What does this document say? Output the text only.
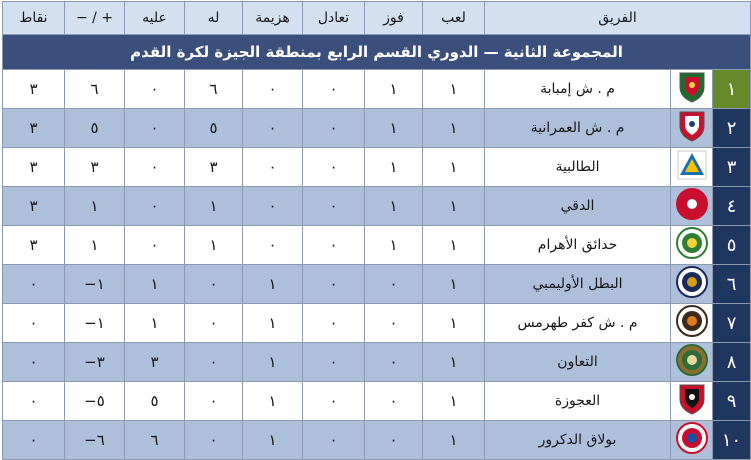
الفريق			لعب	فوز	تعادل	هزيمة	له	عليه	+ / −	نقاط
المجموعة الثانية — الدوري القسم الرابع بمنطقة الجيزة لكرة القدم										
١		م . ش إمبابة	١	١	٠	٠	٦	٠	٦	٣
٢		م . ش العمرانية	١	١	٠	٠	٥	٠	٥	٣
٣		الطالبية	١	١	٠	٠	٣	٠	٣	٣
٤		الدقي	١	١	٠	٠	١	٠	١	٣
٥		حدائق الأهرام	١	١	٠	٠	١	٠	١	٣
٦		البطل الأوليمبي	١	٠	٠	١	٠	١	١−	٠
٧		م . ش كفر طهرمس	١	٠	٠	١	٠	١	١−	٠
٨		التعاون	١	٠	٠	١	٠	٣	٣−	٠
٩		العجوزة	١	٠	٠	١	٠	٥	٥−	٠
١٠		بولاق الدكرور	١	٠	٠	١	٠	٦	٦−	٠
